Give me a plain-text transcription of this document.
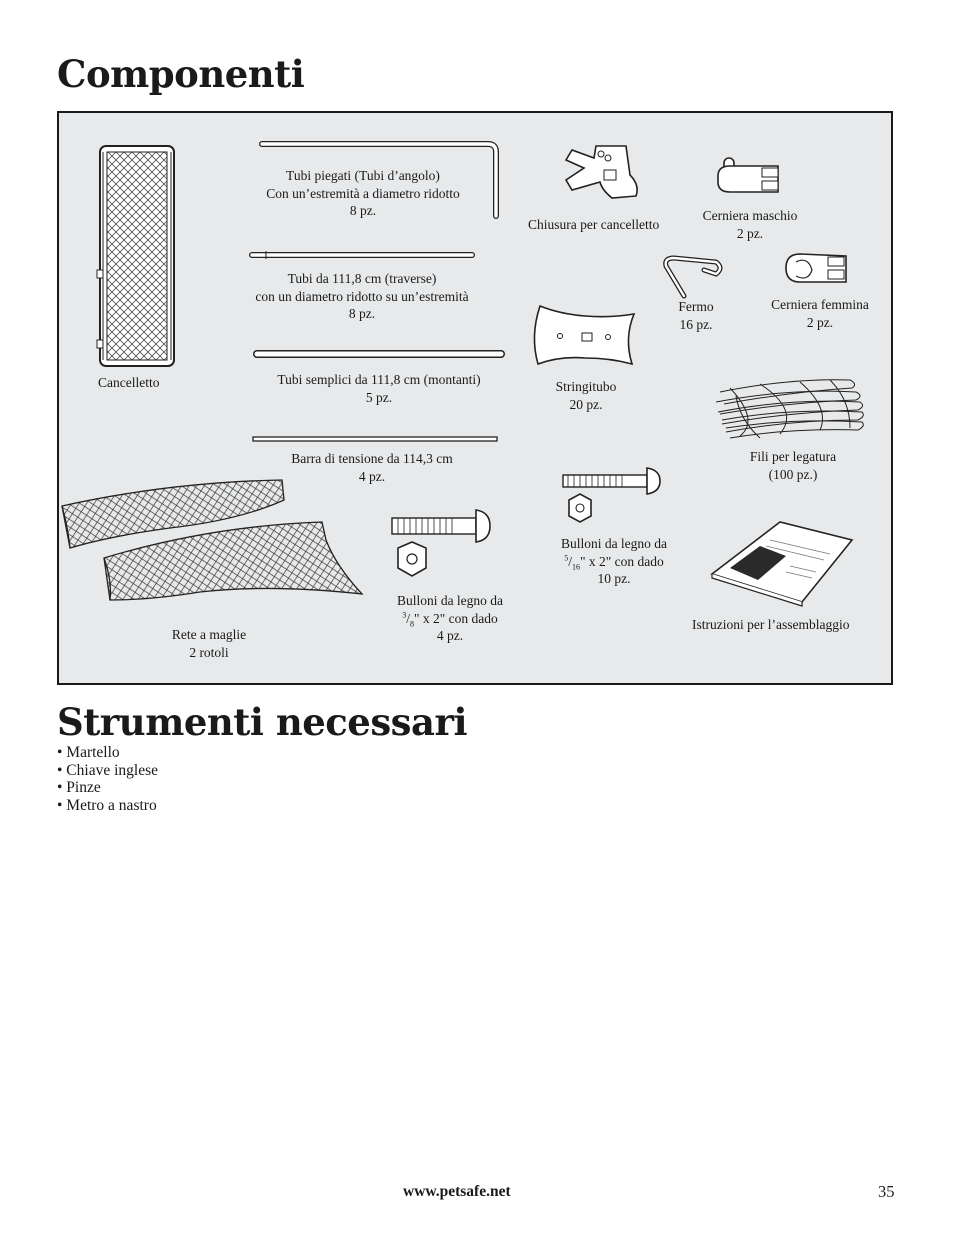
Componenti
Cancelletto
Tubi piegati (Tubi d’angolo)
Con un’estremità a diametro ridotto
8 pz.
Tubi da 111,8 cm (traverse)
con un diametro ridotto su un’estremità
8 pz.
Tubi semplici da 111,8 cm (montanti)
5 pz.
Barra di tensione da 114,3 cm
4 pz.
Chiusura per cancelletto
Cerniera maschio
2 pz.
Fermo
16 pz.
Cerniera femmina
2 pz.
Stringitubo
20 pz.
Fili per legatura
(100 pz.)
Bulloni da legno da
$^5/_{16}$" x 2" con dado
10 pz.
Bulloni da legno da
$^3/_8$" x 2" con dado
4 pz.
Rete a maglie
2 rotoli
Istruzioni per l’assemblaggio
Strumenti necessari
• Martello
• Chiave inglese
• Pinze
• Metro a nastro
www.petsafe.net	35
